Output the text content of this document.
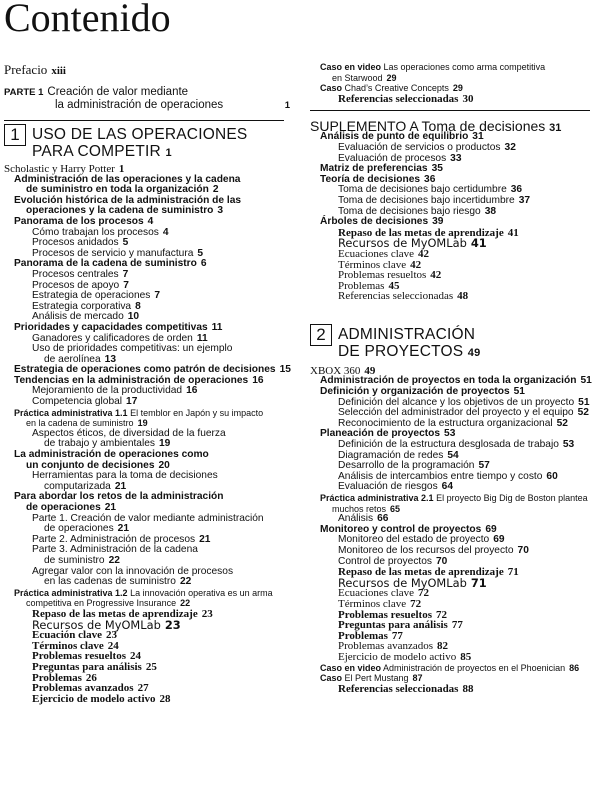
Contenido
Prefacio xiii
PARTE 1 Creación de valor mediante
la administración de operaciones	1
1 USO DE LAS OPERACIONES
PARA COMPETIR 1
Scholastic y Harry Potter 1
Administración de las operaciones y la cadena
de suministro en toda la organización 2
Evolución histórica de la administración de las
operaciones y la cadena de suministro 3
Panorama de los procesos 4
Cómo trabajan los procesos 4
Procesos anidados 5
Procesos de servicio y manufactura 5
Panorama de la cadena de suministro 6
Procesos centrales 7
Procesos de apoyo 7
Estrategia de operaciones 7
Estrategia corporativa 8
Análisis de mercado 10
Prioridades y capacidades competitivas 11
Ganadores y calificadores de orden 11
Uso de prioridades competitivas: un ejemplo
de aerolínea 13
Estrategia de operaciones como patrón de decisiones 15
Tendencias en la administración de operaciones 16
Mejoramiento de la productividad 16
Competencia global 17
Práctica administrativa 1.1 El temblor en Japón y su impacto
en la cadena de suministro 19
Aspectos éticos, de diversidad de la fuerza
de trabajo y ambientales 19
La administración de operaciones como
un conjunto de decisiones 20
Herramientas para la toma de decisiones
computarizada 21
Para abordar los retos de la administración
de operaciones 21
Parte 1. Creación de valor mediante administración
de operaciones 21
Parte 2. Administración de procesos 21
Parte 3. Administración de la cadena
de suministro 22
Agregar valor con la innovación de procesos
en las cadenas de suministro 22
Práctica administrativa 1.2 La innovación operativa es un arma
competitiva en Progressive Insurance 22
Repaso de las metas de aprendizaje 23
Recursos de MyOMLab 23
Ecuación clave 23
Términos clave 24
Problemas resueltos 24
Preguntas para análisis 25
Problemas 26
Problemas avanzados 27
Ejercicio de modelo activo 28
Caso en video Las operaciones como arma competitiva
en Starwood 29
Caso Chad’s Creative Concepts 29
Referencias seleccionadas 30
SUPLEMENTO A Toma de decisiones 31
Análisis de punto de equilibrio 31
Evaluación de servicios o productos 32
Evaluación de procesos 33
Matriz de preferencias 35
Teoría de decisiones 36
Toma de decisiones bajo certidumbre 36
Toma de decisiones bajo incertidumbre 37
Toma de decisiones bajo riesgo 38
Árboles de decisiones 39
Repaso de las metas de aprendizaje 41
Recursos de MyOMLab 41
Ecuaciones clave 42
Términos clave 42
Problemas resueltos 42
Problemas 45
Referencias seleccionadas 48
2 ADMINISTRACIÓN
DE PROYECTOS 49
XBOX 360 49
Administración de proyectos en toda la organización 51
Definición y organización de proyectos 51
Definición del alcance y los objetivos de un proyecto 51
Selección del administrador del proyecto y el equipo 52
Reconocimiento de la estructura organizacional 52
Planeación de proyectos 53
Definición de la estructura desglosada de trabajo 53
Diagramación de redes 54
Desarrollo de la programación 57
Análisis de intercambios entre tiempo y costo 60
Evaluación de riesgos 64
Práctica administrativa 2.1 El proyecto Big Dig de Boston plantea
muchos retos 65
Análisis 66
Monitoreo y control de proyectos 69
Monitoreo del estado de proyecto 69
Monitoreo de los recursos del proyecto 70
Control de proyectos 70
Repaso de las metas de aprendizaje 71
Recursos de MyOMLab 71
Ecuaciones clave 72
Términos clave 72
Problemas resueltos 72
Preguntas para análisis 77
Problemas 77
Problemas avanzados 82
Ejercicio de modelo activo 85
Caso en video Administración de proyectos en el Phoenician 86
Caso El Pert Mustang 87
Referencias seleccionadas 88
